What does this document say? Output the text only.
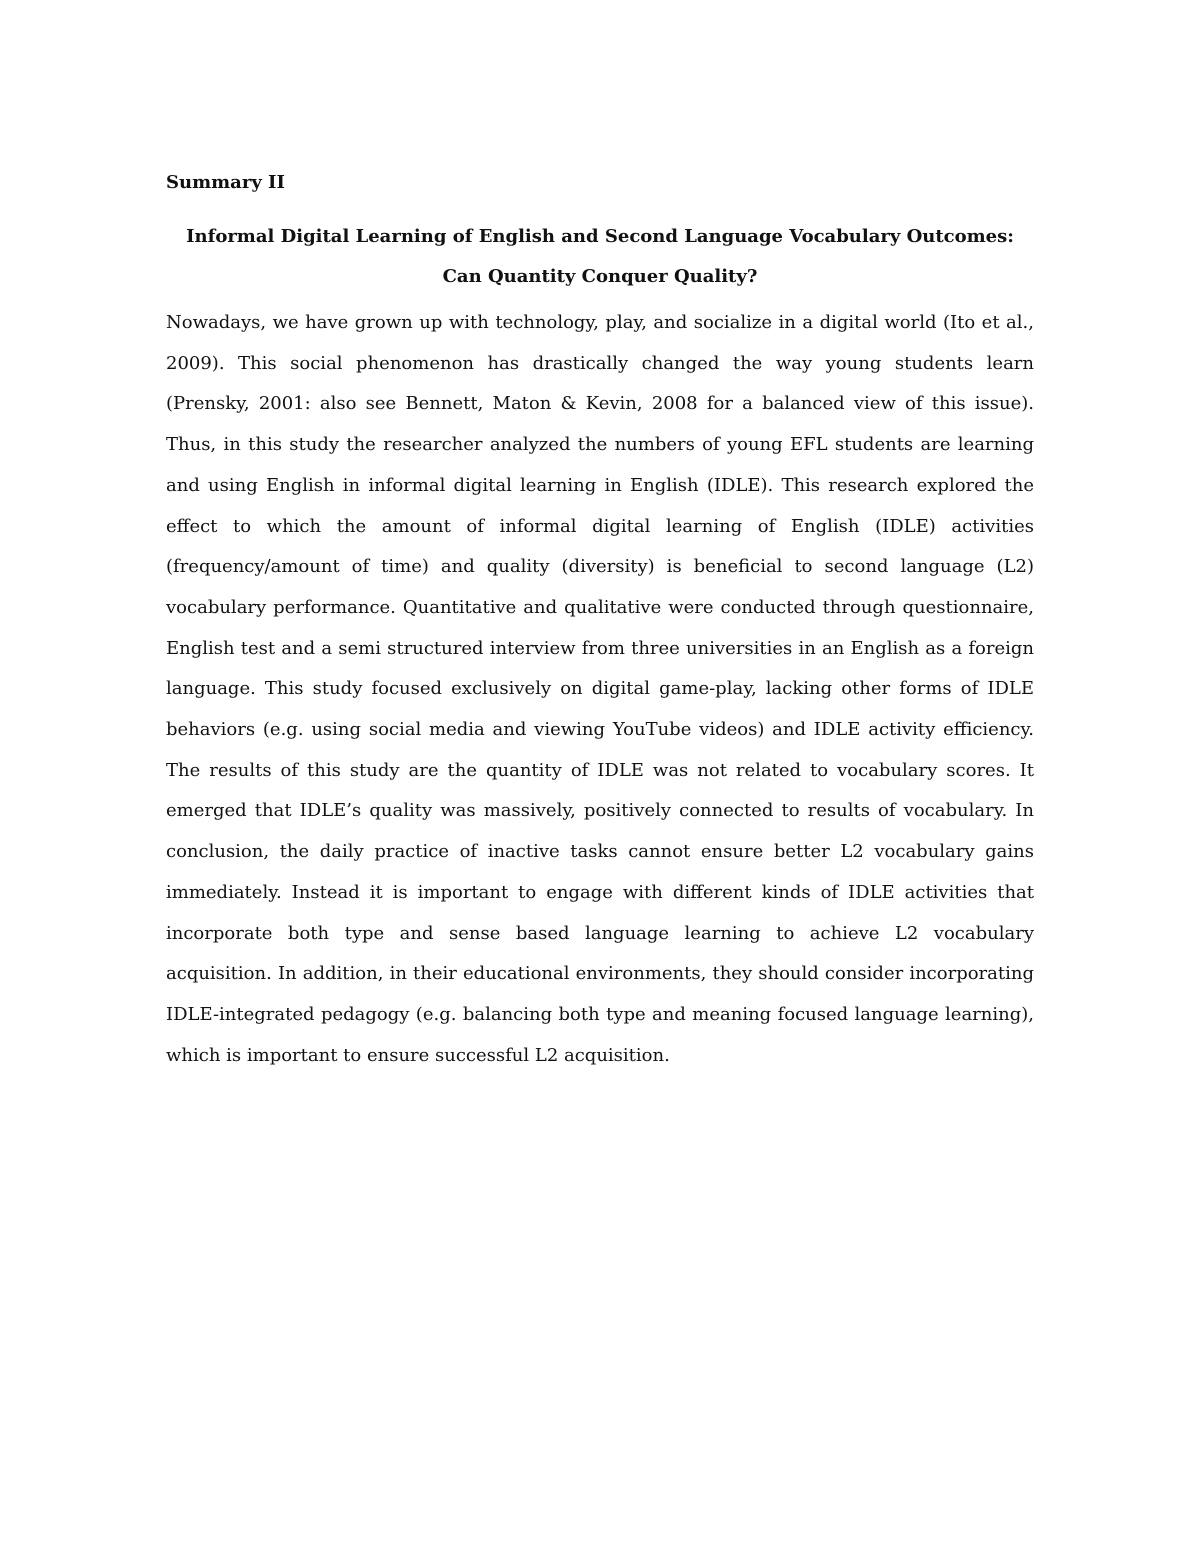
Summary II
Informal Digital Learning of English and Second Language Vocabulary Outcomes:
Can Quantity Conquer Quality?

Nowadays, we have grown up with technology, play, and socialize in a digital world (Ito et al., 2009). This social phenomenon has drastically changed the way young students learn (Prensky, 2001: also see Bennett, Maton & Kevin, 2008 for a balanced view of this issue). Thus, in this study the researcher analyzed the numbers of young EFL students are learning and using English in informal digital learning in English (IDLE). This research explored the effect to which the amount of informal digital learning of English (IDLE) activities (frequency/amount of time) and quality (diversity) is beneficial to second language (L2) vocabulary performance. Quantitative and qualitative were conducted through questionnaire, English test and a semi structured interview from three universities in an English as a foreign language. This study focused exclusively on digital game-play, lacking other forms of IDLE behaviors (e.g. using social media and viewing YouTube videos) and IDLE activity efficiency. The results of this study are the quantity of IDLE was not related to vocabulary scores. It emerged that IDLE’s quality was massively, positively connected to results of vocabulary. In conclusion, the daily practice of inactive tasks cannot ensure better L2 vocabulary gains immediately. Instead it is important to engage with different kinds of IDLE activities that incorporate both type and sense based language learning to achieve L2 vocabulary acquisition. In addition, in their educational environments, they should consider incorporating IDLE-integrated pedagogy (e.g. balancing both type and meaning focused language learning), which is important to ensure successful L2 acquisition.
